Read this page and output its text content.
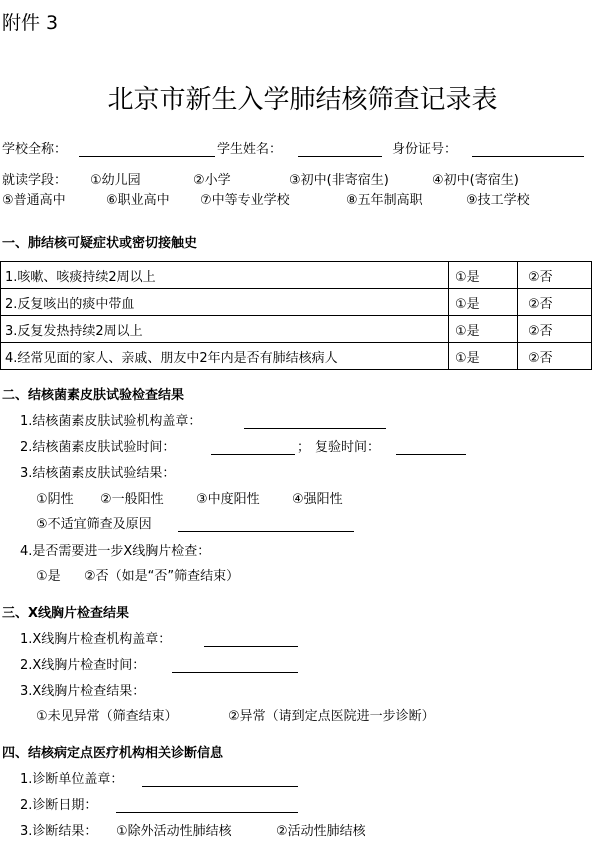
附件 3
北京市新生入学肺结核筛查记录表
学校全称：	学生姓名：	身份证号：
就读学段： ①幼儿园	②小学	③初中(非寄宿生)	④初中(寄宿生)
⑤普通高中	⑥职业高中 ⑦中等专业学校	⑧五年制高职	⑨技工学校
一、肺结核可疑症状或密切接触史
1.咳嗽、咳痰持续2周以上	①是	②否
2.反复咳出的痰中带血	①是	②否
3.反复发热持续2周以上	①是	②否
4.经常见面的家人、亲戚、朋友中2年内是否有肺结核病人	①是	②否
二、结核菌素皮肤试验检查结果
1.结核菌素皮肤试验机构盖章：
2.结核菌素皮肤试验时间：	； 复验时间：
3.结核菌素皮肤试验结果：
①阴性 ②一般阳性 ③中度阳性 ④强阳性
⑤不适宜筛查及原因
4.是否需要进一步X线胸片检查：
①是 ②否（如是“否”筛查结束）
三、X线胸片检查结果
1.X线胸片检查机构盖章：
2.X线胸片检查时间：
3.X线胸片检查结果：
①未见异常（筛查结束）	②异常（请到定点医院进一步诊断）
四、结核病定点医疗机构相关诊断信息
1.诊断单位盖章：
2.诊断日期：
3.诊断结果： ①除外活动性肺结核	②活动性肺结核
